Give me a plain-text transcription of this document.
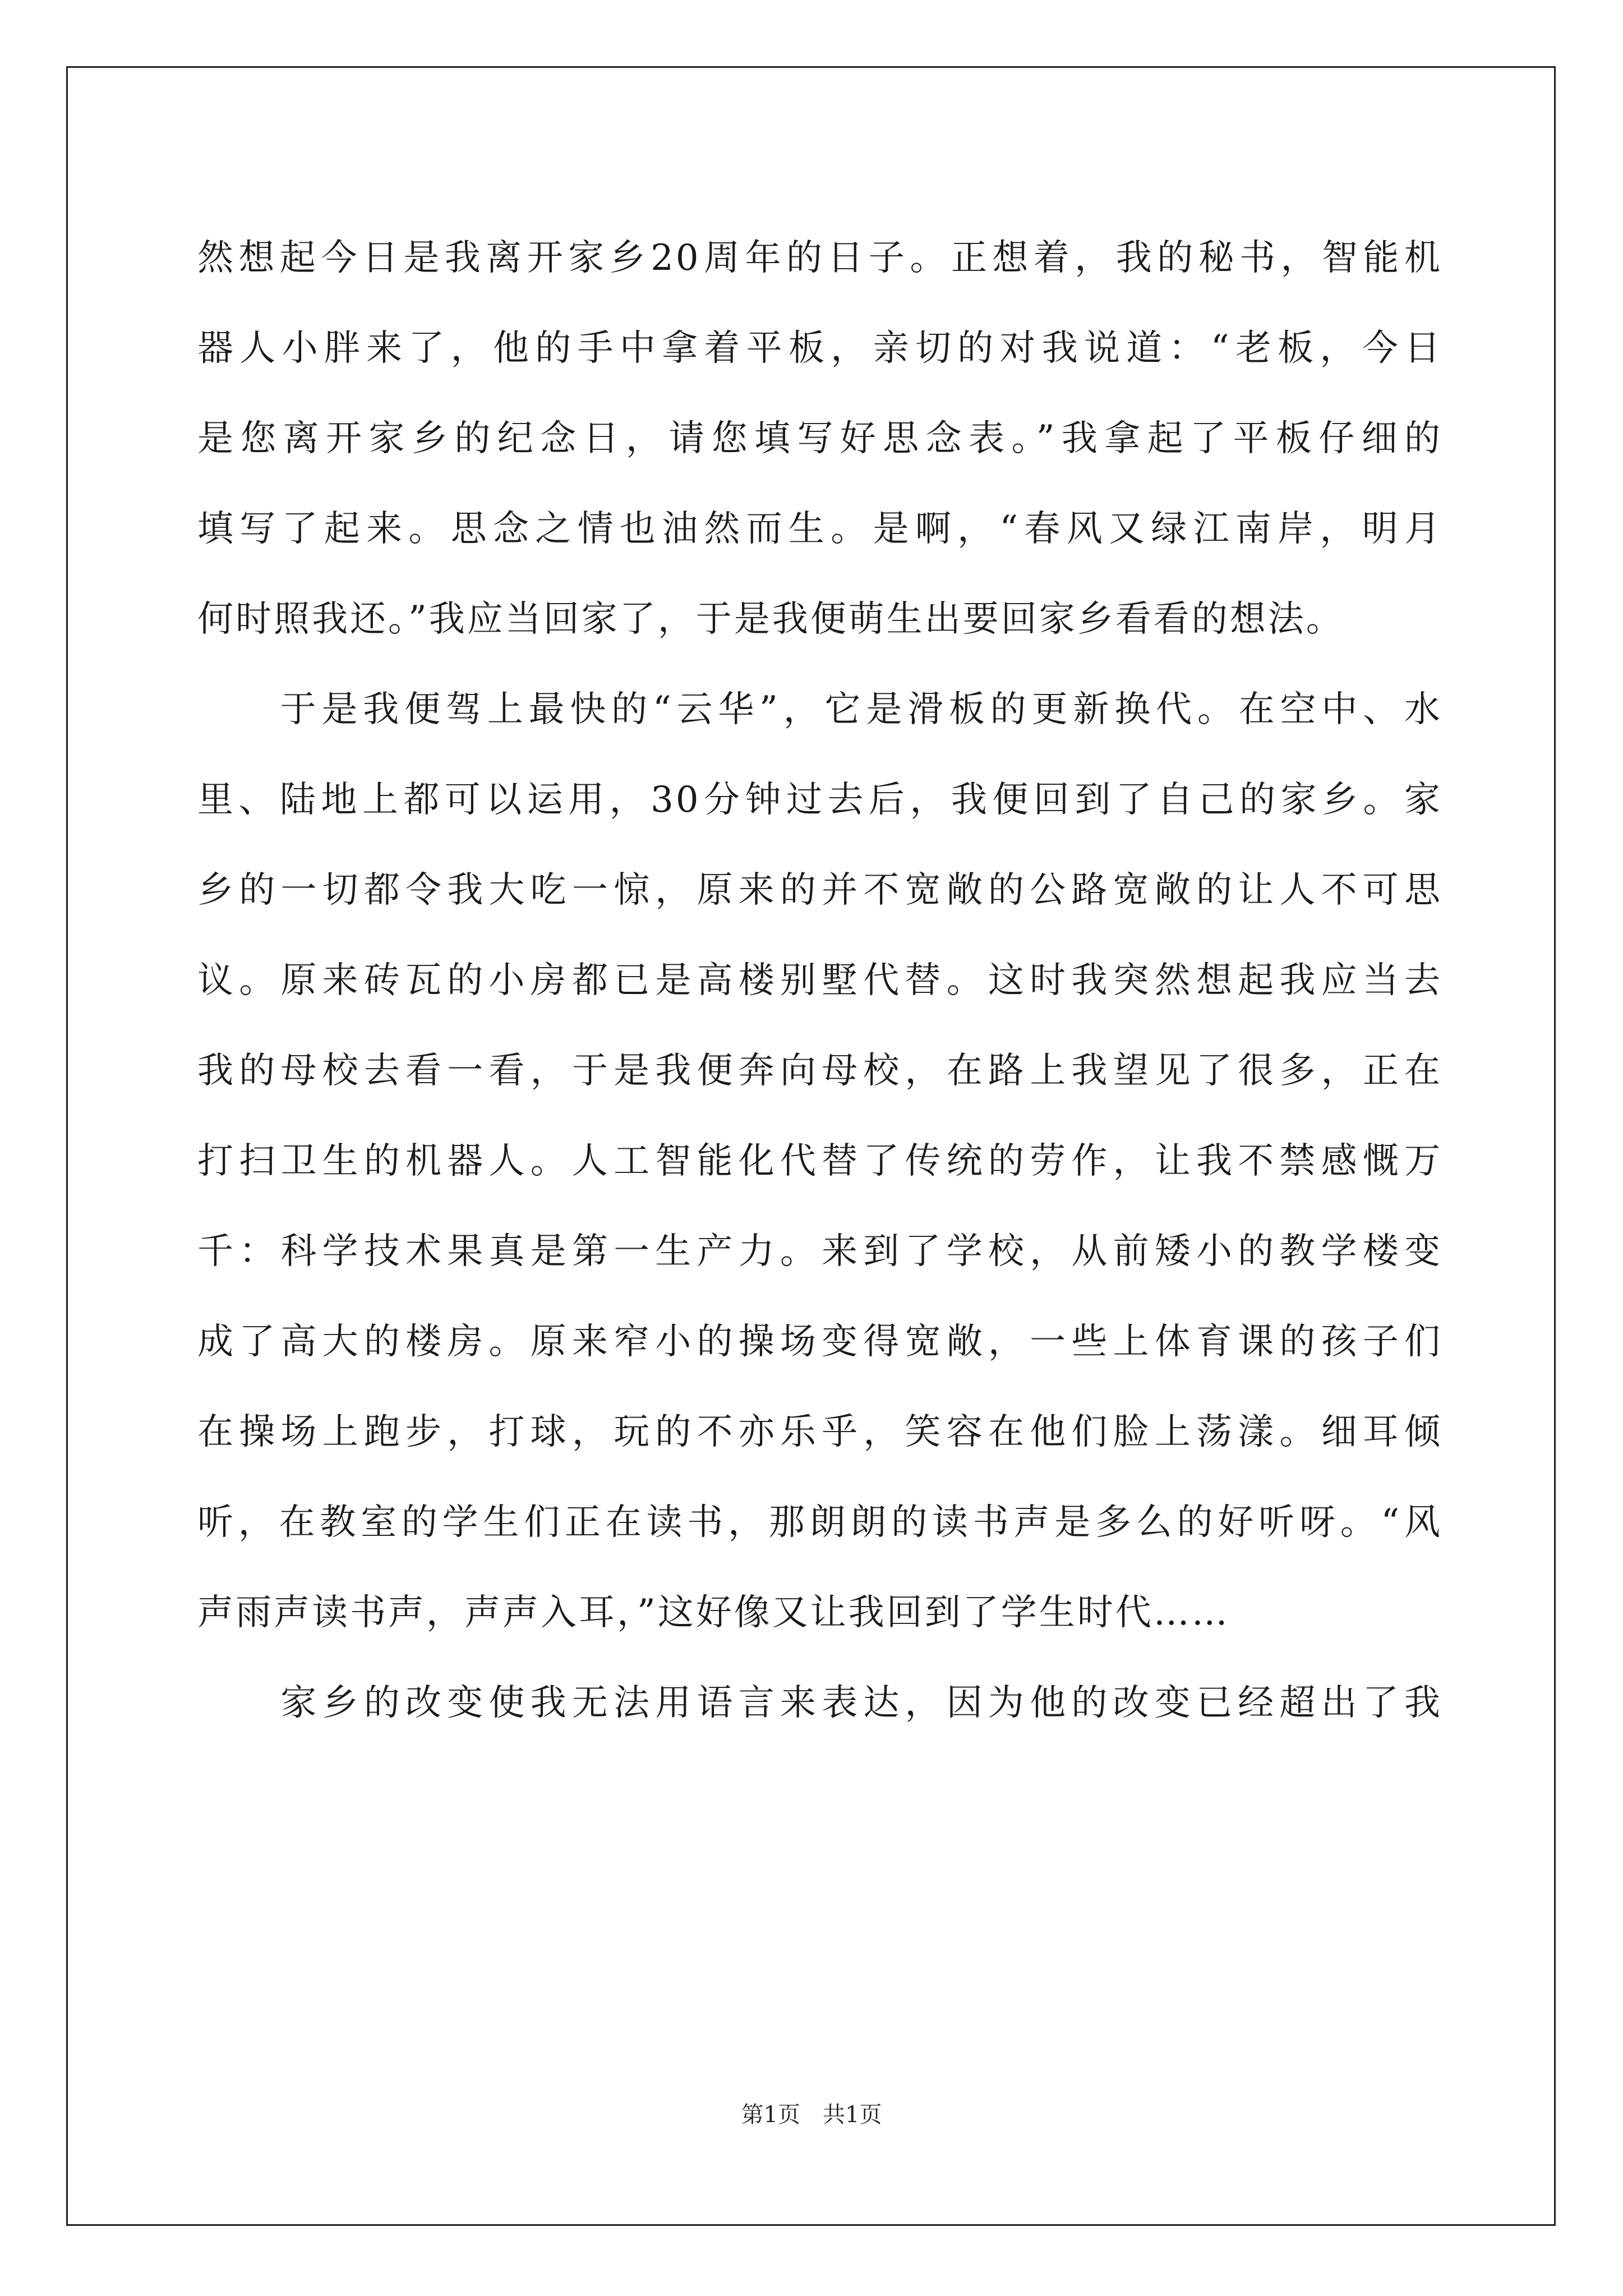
然想起今日是我离开家乡20周年的日子。正想着，我的秘书，智能机
器人小胖来了，他的手中拿着平板，亲切的对我说道：“老板，今日
是您离开家乡的纪念日，请您填写好思念表。”我拿起了平板仔细的
填写了起来。思念之情也油然而生。是啊，“春风又绿江南岸，明月
何时照我还。”我应当回家了，于是我便萌生出要回家乡看看的想法。
　　于是我便驾上最快的“云华”，它是滑板的更新换代。在空中、水
里、陆地上都可以运用，30分钟过去后，我便回到了自己的家乡。家
乡的一切都令我大吃一惊，原来的并不宽敞的公路宽敞的让人不可思
议。原来砖瓦的小房都已是高楼别墅代替。这时我突然想起我应当去
我的母校去看一看，于是我便奔向母校，在路上我望见了很多，正在
打扫卫生的机器人。人工智能化代替了传统的劳作，让我不禁感慨万
千：科学技术果真是第一生产力。来到了学校，从前矮小的教学楼变
成了高大的楼房。原来窄小的操场变得宽敞，一些上体育课的孩子们
在操场上跑步，打球，玩的不亦乐乎，笑容在他们脸上荡漾。细耳倾
听，在教室的学生们正在读书，那朗朗的读书声是多么的好听呀。“风
声雨声读书声，声声入耳，”这好像又让我回到了学生时代……
　　家乡的改变使我无法用语言来表达，因为他的改变已经超出了我
第1页 共1页
